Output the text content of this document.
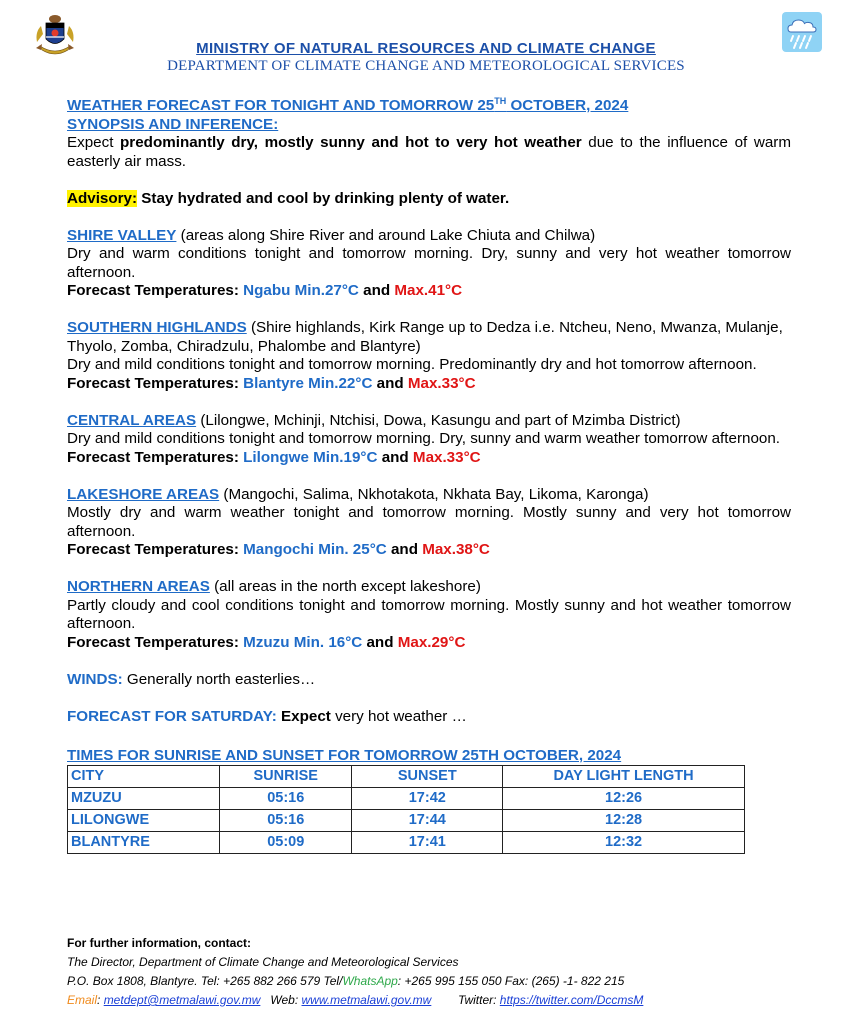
MINISTRY OF NATURAL RESOURCES AND CLIMATE CHANGE
DEPARTMENT OF CLIMATE CHANGE AND METEOROLOGICAL SERVICES

WEATHER FORECAST FOR TONIGHT AND TOMORROW 25TH OCTOBER, 2024

SYNOPSIS AND INFERENCE:

Expect predominantly dry, mostly sunny and hot to very hot weather due to the influence of warm easterly air mass.

Advisory: Stay hydrated and cool by drinking plenty of water.

SHIRE VALLEY (areas along Shire River and around Lake Chiuta and Chilwa)

Dry and warm conditions tonight and tomorrow morning. Dry, sunny and very hot weather tomorrow afternoon.

Forecast Temperatures: Ngabu Min.27°C and Max.41°C

SOUTHERN HIGHLANDS (Shire highlands, Kirk Range up to Dedza i.e. Ntcheu, Neno, Mwanza, Mulanje, Thyolo, Zomba, Chiradzulu, Phalombe and Blantyre)

Dry and mild conditions tonight and tomorrow morning. Predominantly dry and hot tomorrow afternoon.

Forecast Temperatures: Blantyre Min.22°C and Max.33°C

CENTRAL AREAS (Lilongwe, Mchinji, Ntchisi, Dowa, Kasungu and part of Mzimba District)

Dry and mild conditions tonight and tomorrow morning. Dry, sunny and warm weather tomorrow afternoon.

Forecast Temperatures: Lilongwe Min.19°C and Max.33°C

LAKESHORE AREAS (Mangochi, Salima, Nkhotakota, Nkhata Bay, Likoma, Karonga)

Mostly dry and warm weather tonight and tomorrow morning. Mostly sunny and very hot tomorrow afternoon.

Forecast Temperatures: Mangochi Min. 25°C and Max.38°C

NORTHERN AREAS (all areas in the north except lakeshore)

Partly cloudy and cool conditions tonight and tomorrow morning. Mostly sunny and hot weather tomorrow afternoon.

Forecast Temperatures: Mzuzu Min. 16°C and Max.29°C

WINDS: Generally north easterlies…

FORECAST FOR SATURDAY: Expect very hot weather …

TIMES FOR SUNRISE AND SUNSET FOR TOMORROW 25TH OCTOBER, 2024

CITY	SUNRISE	SUNSET	DAY LIGHT LENGTH
MZUZU	05:16	17:42	12:26
LILONGWE	05:16	17:44	12:28
BLANTYRE	05:09	17:41	12:32
For further information, contact:
The Director, Department of Climate Change and Meteorological Services
P.O. Box 1808, Blantyre. Tel: +265 882 266 579 Tel/WhatsApp: +265 995 155 050 Fax: (265) -1- 822 215
Email: metdept@metmalawi.gov.mw   Web: www.metmalawi.gov.mw        Twitter: https://twitter.com/DccmsM
